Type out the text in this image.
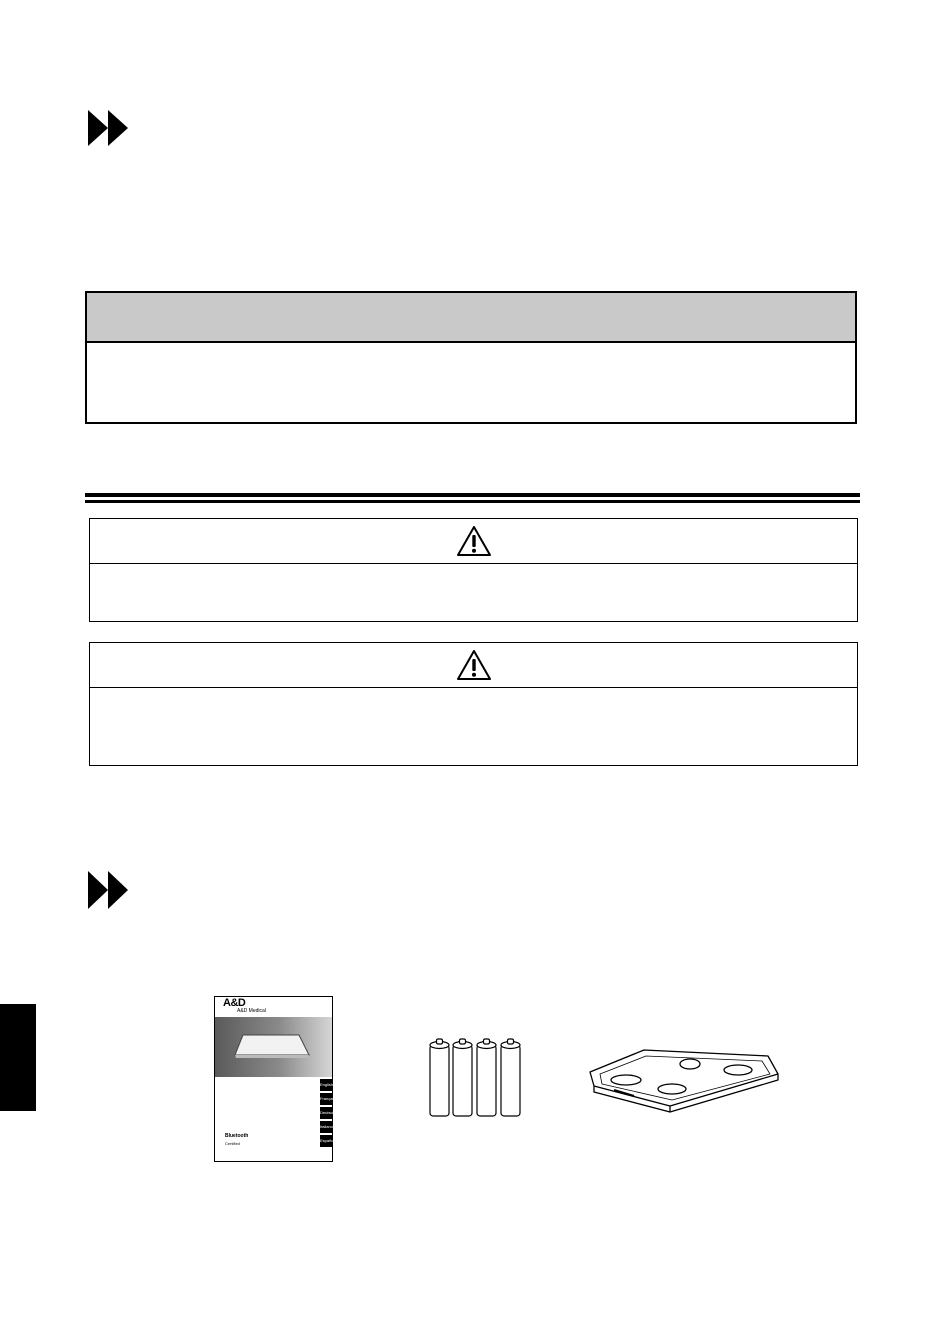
A&D
A&D Medical
English
Français
Deutsch
Italiano
Español
Bluetooth
Certified
